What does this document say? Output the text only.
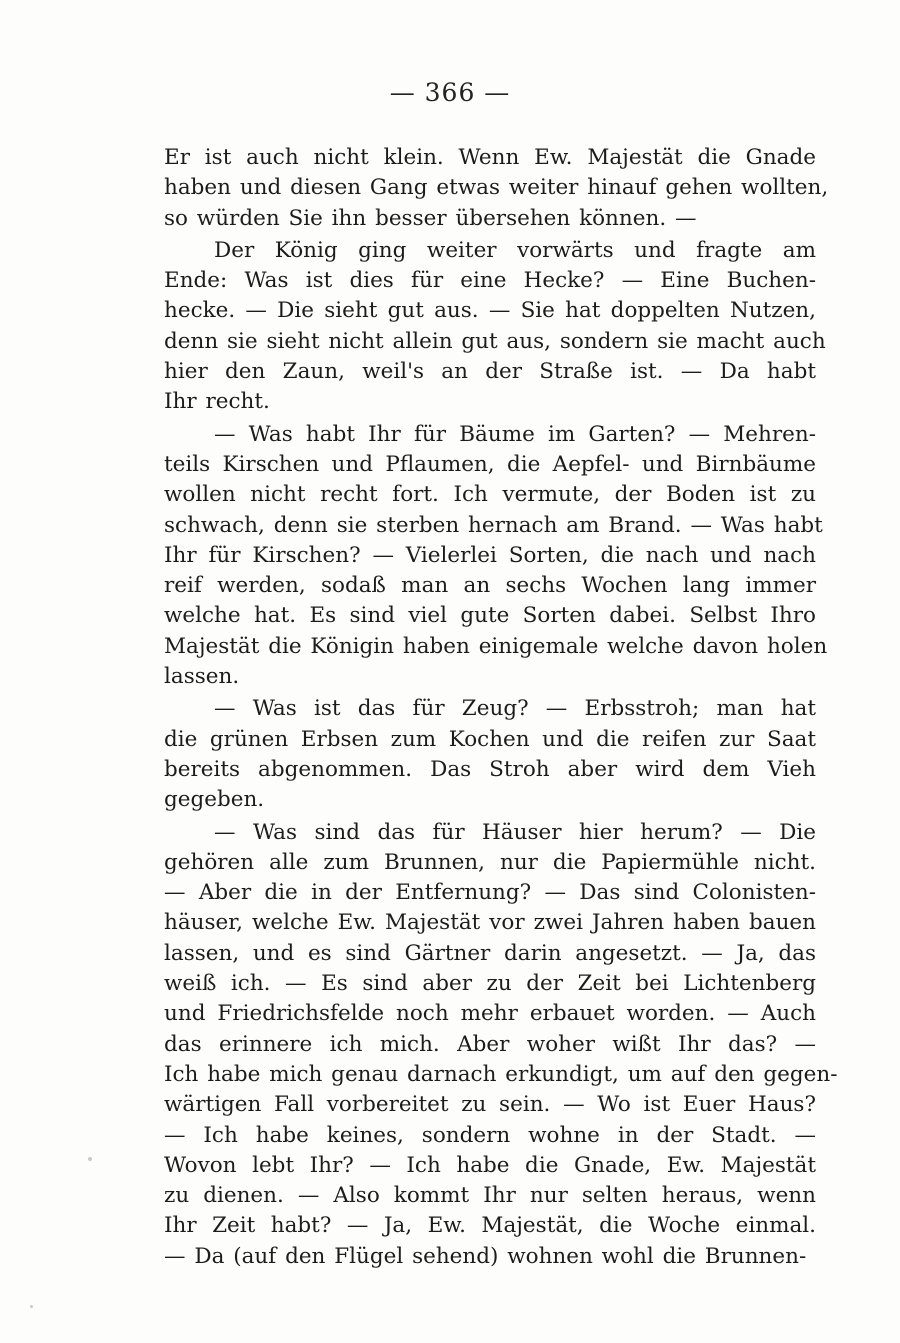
— 366 —
Er ist auch nicht klein. Wenn Ew. Majestät die Gnade
haben und diesen Gang etwas weiter hinauf gehen wollten,
so würden Sie ihn besser übersehen können. —
Der König ging weiter vorwärts und fragte am
Ende: Was ist dies für eine Hecke? — Eine Buchen-
hecke. — Die sieht gut aus. — Sie hat doppelten Nutzen,
denn sie sieht nicht allein gut aus, sondern sie macht auch
hier den Zaun, weil's an der Straße ist. — Da habt
Ihr recht.
— Was habt Ihr für Bäume im Garten? — Mehren-
teils Kirschen und Pflaumen, die Aepfel- und Birnbäume
wollen nicht recht fort. Ich vermute, der Boden ist zu
schwach, denn sie sterben hernach am Brand. — Was habt
Ihr für Kirschen? — Vielerlei Sorten, die nach und nach
reif werden, sodaß man an sechs Wochen lang immer
welche hat. Es sind viel gute Sorten dabei. Selbst Ihro
Majestät die Königin haben einigemale welche davon holen
lassen.
— Was ist das für Zeug? — Erbsstroh; man hat
die grünen Erbsen zum Kochen und die reifen zur Saat
bereits abgenommen. Das Stroh aber wird dem Vieh
gegeben.
— Was sind das für Häuser hier herum? — Die
gehören alle zum Brunnen, nur die Papiermühle nicht.
— Aber die in der Entfernung? — Das sind Colonisten-
häuser, welche Ew. Majestät vor zwei Jahren haben bauen
lassen, und es sind Gärtner darin angesetzt. — Ja, das
weiß ich. — Es sind aber zu der Zeit bei Lichtenberg
und Friedrichsfelde noch mehr erbauet worden. — Auch
das erinnere ich mich. Aber woher wißt Ihr das? —
Ich habe mich genau darnach erkundigt, um auf den gegen-
wärtigen Fall vorbereitet zu sein. — Wo ist Euer Haus?
— Ich habe keines, sondern wohne in der Stadt. —
Wovon lebt Ihr? — Ich habe die Gnade, Ew. Majestät
zu dienen. — Also kommt Ihr nur selten heraus, wenn
Ihr Zeit habt? — Ja, Ew. Majestät, die Woche einmal.
— Da (auf den Flügel sehend) wohnen wohl die Brunnen-
